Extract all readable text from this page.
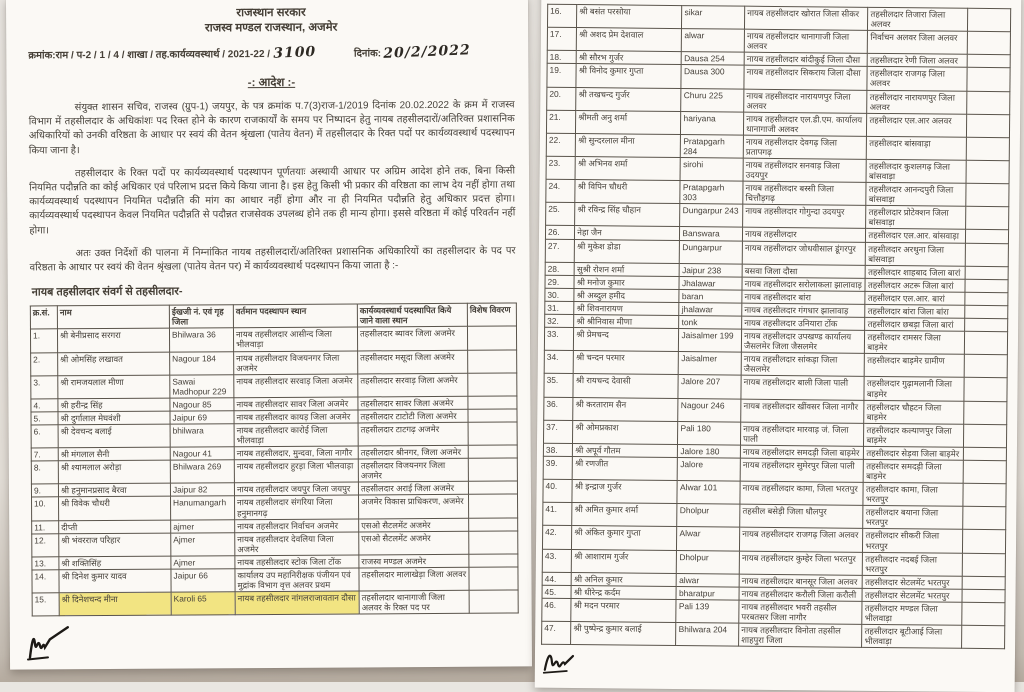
राजस्थान सरकार
राजस्व मण्डल राजस्थान, अजमेर
क्रमांक:राम / प-2 / 1 / 4 / शाखा / तह.कार्यव्यवस्थार्थ / 2021-22 / 3100	दिनांक: 20/2/2022
-: आदेश :-

संयुक्त शासन सचिव, राजस्व (ग्रुप-1) जयपुर, के पत्र क्रमांक प.7(3)राज-1/2019 दिनांक 20.02.2022 के क्रम में राजस्व विभाग में तहसीलदार के अधिकांशः पद रिक्त होने के कारण राजकार्यों के समय पर निष्पादन हेतु नायब तहसीलदारों/अतिरिक्त प्रशासनिक अधिकारियों को उनकी वरिष्ठता के आधार पर स्वयं की वेतन श्रृंखला (पातेय वेतन) में तहसीलदार के रिक्त पदों पर कार्यव्यवस्थार्थ पदस्थापन किया जाना है।

तहसीलदार के रिक्त पदों पर कार्यव्यवस्थार्थ पदस्थापन पूर्णतयाः अस्थायी आधार पर अग्रिम आदेश होने तक, बिना किसी नियमित पदौन्नति का कोई अधिकार एवं परिलाभ प्रदत्त किये किया जाना है। इस हेतु किसी भी प्रकार की वरिष्ठता का लाभ देय नहीं होगा तथा कार्यव्यवस्थार्थ पदस्थापन नियमित पदौन्नति की मांग का आधार नहीं होगा और ना ही नियमित पदौन्नति हेतु अधिकार प्रदत्त होगा। कार्यव्यवस्थार्थ पदस्थापन केवल नियमित पदौन्नति से पदौन्नत राजसेवक उपलब्ध होने तक ही मान्य होगा। इससे वरिष्ठता में कोई परिवर्तन नहीं होगा।

अतः उक्त निर्देशों की पालना में निम्नांकित नायब तहसीलदारों/अतिरिक्त प्रशासनिक अधिकारियों का तहसीलदार के पद पर वरिष्ठता के आधार पर स्वयं की वेतन श्रृंखला (पातेय वेतन पर) में कार्यव्यवस्थार्थ पदस्थापन किया जाता है :-

नायब तहसीलदार संवर्ग से तहसीलदार-
क्र.सं.	नाम	ईखजी नं. एवं गृह जिला	वर्तमान पदस्थापन स्थान	कार्यव्यवस्थार्थ पदस्थापित किये जाने वाला स्थान	विशेष विवरण
1.	श्री बेनीप्रसाद सरगरा	Bhilwara 36	नायब तहसीलदार आसीन्द जिला भीलवाड़ा	तहसीलदार ब्यावर जिला अजमेर	
2.	श्री ओमसिंह लखावत	Nagour 184	नायब तहसीलदार विजयनगर जिला अजमेर	तहसीलदार मसूदा जिला अजमेर	
3.	श्री रामजयलाल मीणा	Sawai Madhopur 229	नायब तहसीलदार सरवाड़ जिला अजमेर	तहसीलदार सरवाड़ जिला अजमेर	
4.	श्री हरीन्द्र सिंह	Nagour 85	नायब तहसीलदार सावर जिला अजमेर	तहसीलदार सावर जिला अजमेर	
5.	श्री दुर्गालाल मेघवंशी	Jaipur 69	नायब तहसीलदार कायड़ जिला अजमेर	तहसीलदार टाटोटी जिला अजमेर	
6.	श्री देवचन्द बलाई	bhilwara	नायब तहसीलदार कारोई जिला भीलवाड़ा	तहसीलदार टाटगढ़ अजमेर	
7.	श्री मंगलाल सैनी	Nagour 41	नायब तहसीलदार, मुन्दवा, जिला नागौर	तहसीलदार श्रीनगर, जिला अजमेर	
8.	श्री श्यामलाल अरोड़ा	Bhilwara 269	नायब तहसीलदार हुरड़ा जिला भीलवाड़ा	तहसीलदार विजयनगर जिला अजमेर	
9.	श्री हनुमानप्रसाद बैरवा	Jaipur 82	नायब तहसीलदार जयपुर जिला जयपुर	तहसीलदार अराई जिला अजमेर	
10.	श्री विवेक चौधरी	Hanumangarh	नायब तहसीलदार संगरिया जिला हनुमानगढ़	अजमेर विकास प्राधिकरण, अजमेर	
11.	दीप्ती	ajmer	नायब तहसीलदार निर्वाचन अजमेर	एसओ सैटलमेंट अजमेर	
12.	श्री भंवरराज परिहार	Ajmer	नायब तहसीलदार देवलिया जिला अजमेर	एसओ सैटलमेंट अजमेर	
13.	श्री शक्तिसिंह	Ajmer	नायब तहसीलदार स्टोक जिला टोंक	राजस्व मण्डल अजमेर	
14.	श्री दिनेश कुमार यादव	Jaipur 66	कार्यालय उप महानिरीक्षक पंजीयन एवं मुद्रांक विभाग वृत्त अलवर प्रथम	तहसीलदार मालाखेड़ा जिला अलवर	
15.	श्री दिनेशचन्द मीना	Karoli 65	नायब तहसीलदार नांगलराजावतान दौसा	तहसीलदार थानागाजी जिला अलवर के रिक्त पद पर	
16.	श्री बसंत परसोया	sikar	नायब तहसीलदार खोरात जिला सीकर	तहसीलदार तिजारा जिला अलवर	
17.	श्री अशद प्रेम देशवाल	alwar	नायब तहसीलदार थानागाजी जिला अलवर	निर्वाचन अलवर जिला अलवर	
18.	श्री सौरभ गुर्जर	Dausa 254	नायब तहसीलदार बांदीकुई जिला दौसा	तहसीलदार रेणी जिला अलवर	
19.	श्री विनोद कुमार गुप्ता	Dausa 300	नायब तहसीलदार सिकराय जिला दौसा	तहसीलदार राजगढ़ जिला अलवर	
20.	श्री तखचन्द गुर्जर	Churu 225	नायब तहसीलदार नारायणपुर जिला अलवर	तहसीलदार नारायणपुर जिला अलवर	
21.	श्रीमती अनु शर्मा	hariyana	नायब तहसीलदार एल.डी.एम. कार्यालय थानागाजी अलवर	तहसीलदार एल.आर अलवर	
22.	श्री सुन्दरलाल मीना	Pratapgarh 284	नायब तहसीलदार देवगढ़ जिला प्रतापगढ़	तहसीलदार बांसवाड़ा	
23.	श्री अभिनव शर्मा	sirohi	नायब तहसीलदार सनवाड़ जिला उदयपुर	तहसीलदार कुशलगढ़ जिला बांसवाड़ा	
24.	श्री विपिन चौधरी	Pratapgarh 303	नायब तहसीलदार बस्सी जिला चित्तौड़गढ़	तहसीलदार आनन्दपुरी जिला बांसवाड़ा	
25.	श्री रविन्द्र सिंह चौहान	Dungarpur 243	नायब तहसीलदार गोगुन्दा उदयपुर	तहसीलदार प्रोटेक्शन जिला बांसवाड़ा	
26.	नेहा जैन	Banswara	नायब तहसीलदार	तहसीलदार एल.आर. बांसवाड़ा	
27.	श्री मुकेश डोडा	Dungarpur	नायब तहसीलदार जोधवीसाल डूंगरपुर	तहसीलदार अरथुना जिला बांसवाड़ा	
28.	सुश्री रोशन शर्मा	Jaipur 238	बसवा जिला दौसा	तहसीलदार शाहबाद जिला बारां	
29.	श्री मनोज कुमार	Jhalawar	नायब तहसीलदार सरोलाकला झालावाड़	तहसीलदार अटरू जिला बारां	
30.	श्री अब्दुल हमीद	baran	नायब तहसीलदार बांरा	तहसीलदार एल.आर. बारां	
31.	श्री शिवनारायण	jhalawar	नायब तहसीलदार गंगधार झालावाड़	तहसीलदार बांरा जिला बांरा	
32.	श्री श्रीनिवास मीणा	tonk	नायब तहसीलदार उनियारा टोंक	तहसीलदार छबड़ा जिला बारां	
33.	श्री प्रेमचन्द	Jaisalmer 199	नायब तहसीलदार उपखण्ड कार्यालय जैसलमेर जिला जैसलमेर	तहसीलदार रामसर जिला बाड़मेर	
34.	श्री चन्दन परमार	Jaisalmer	नायब तहसीलदार सांकड़ा जिला जैसलमेर	तहसीलदार बाड़मेर ग्रामीण	
35.	श्री रायचन्द देवासी	Jalore 207	नायब तहसीलदार बाली जिला पाली	तहसीलदार गुढ़ामलानी जिला बाड़मेर	
36.	श्री करताराम सैन	Nagour 246	नायब तहसीलदार खींवसर जिला नागौर	तहसीलदार चौहटन जिला बाड़मेर	
37.	श्री ओमप्रकाश	Pali 180	नायब तहसीलदार मारवाड़ जं. जिला पाली	तहसीलदार कल्याणपुर जिला बाड़मेर	
38.	श्री अपूर्व गौतम	Jalore 180	नायब तहसीलदार समदड़ी जिला बाड़मेर	तहसीलदार सेड़वा जिला बाड़मेर	
39.	श्री रणजीत	Jalore	नायब तहसीलदार सुमेरपुर जिला पाली	तहसीलदार समदड़ी जिला बाड़मेर	
40.	श्री इन्द्राज गुर्जर	Alwar 101	नायब तहसीलदार कामा, जिला भरतपुर	तहसीलदार कामा, जिला भरतपुर	
41.	श्री अमित कुमार शर्मा	Dholpur	तहसील बसेड़ी जिला धौलपुर	तहसीलदार बयाना जिला भरतपुर	
42.	श्री अंकित कुमार गुप्ता	Alwar	नायब तहसीलदार राजगढ़ जिला अलवर	तहसीलदार सीकरी जिला भरतपुर	
43.	श्री आशाराम गुर्जर	Dholpur	नायब तहसीलदार कुम्हेर जिला भरतपुर	तहसीलदार नदबई जिला भरतपुर	
44.	श्री अनिल कुमार	alwar	नायब तहसीलदार बानसूर जिला अलवर	तहसीलदार सेटलमेंट भरतपुर	
45.	श्री धीरेन्द्र कर्दम	bharatpur	नायब तहसीलदार करौली जिला करौली	तहसीलदार सेटलमेंट भरतपुर	
46.	श्री मदन परमार	Pali 139	नायब तहसीलदार भवरी तहसील परबतसर जिला नागौर	तहसीलदार मण्डल जिला भीलवाड़ा	
47.	श्री पुष्पेन्द्र कुमार बलाई	Bhilwara 204	नायब तहसीलदार विनोता तहसील शाहपुरा जिला	तहसीलदार बूटीआई जिला भीलवाड़ा	
